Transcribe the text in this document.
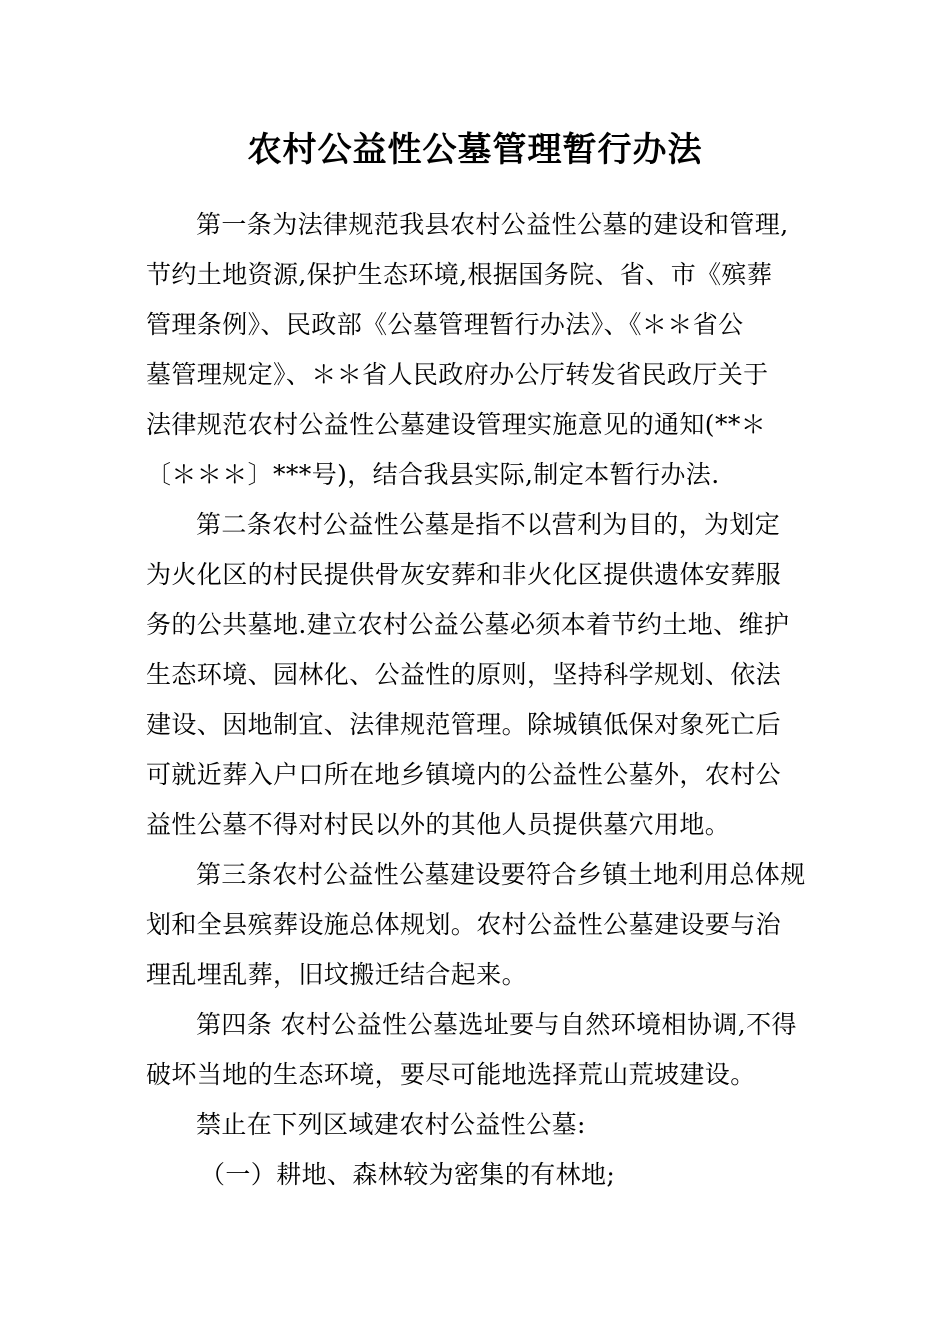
农村公益性公墓管理暂行办法
第一条为法律规范我县农村公益性公墓的建设和管理,
节约土地资源,保护生态环境,根据国务院、省、市《殡葬
管理条例》、民政部《公墓管理暂行办法》、《＊＊省公
墓管理规定》、＊＊省人民政府办公厅转发省民政厅关于
法律规范农村公益性公墓建设管理实施意见的通知(**＊
〔＊＊＊〕***号)，结合我县实际,制定本暂行办法.
第二条农村公益性公墓是指不以营利为目的，为划定
为火化区的村民提供骨灰安葬和非火化区提供遗体安葬服
务的公共墓地.建立农村公益公墓必须本着节约土地、维护
生态环境、园林化、公益性的原则，坚持科学规划、依法
建设、因地制宜、法律规范管理。除城镇低保对象死亡后
可就近葬入户口所在地乡镇境内的公益性公墓外，农村公
益性公墓不得对村民以外的其他人员提供墓穴用地。
第三条农村公益性公墓建设要符合乡镇土地利用总体规
划和全县殡葬设施总体规划。农村公益性公墓建设要与治
理乱埋乱葬，旧坟搬迁结合起来。
第四条 农村公益性公墓选址要与自然环境相协调,不得
破坏当地的生态环境，要尽可能地选择荒山荒坡建设。
禁止在下列区域建农村公益性公墓:
（一）耕地、森林较为密集的有林地;
